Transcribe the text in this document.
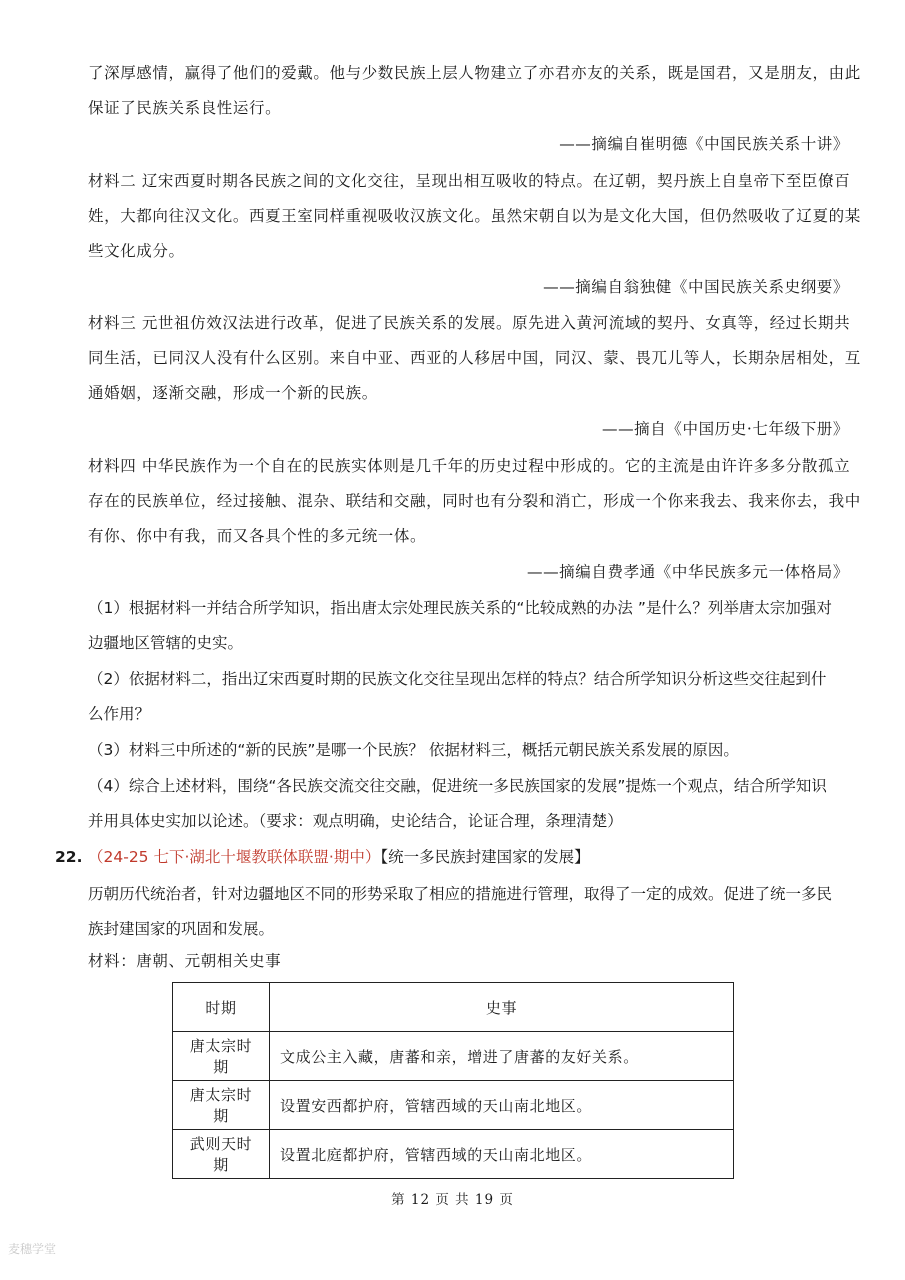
了深厚感情，赢得了他们的爱戴。他与少数民族上层人物建立了亦君亦友的关系，既是国君，又是朋友，由此
保证了民族关系良性运行。
——摘编自崔明德《中国民族关系十讲》
材料二 辽宋西夏时期各民族之间的文化交往，呈现出相互吸收的特点。在辽朝，契丹族上自皇帝下至臣僚百
姓，大都向往汉文化。西夏王室同样重视吸收汉族文化。虽然宋朝自以为是文化大国，但仍然吸收了辽夏的某
些文化成分。
——摘编自翁独健《中国民族关系史纲要》
材料三 元世祖仿效汉法进行改革，促进了民族关系的发展。原先进入黄河流域的契丹、女真等，经过长期共
同生活，已同汉人没有什么区别。来自中亚、西亚的人移居中国，同汉、蒙、畏兀儿等人，长期杂居相处，互
通婚姻，逐渐交融，形成一个新的民族。
——摘自《中国历史·七年级下册》
材料四 中华民族作为一个自在的民族实体则是几千年的历史过程中形成的。它的主流是由许许多多分散孤立
存在的民族单位，经过接触、混杂、联结和交融，同时也有分裂和消亡，形成一个你来我去、我来你去，我中
有你、你中有我，而又各具个性的多元统一体。
——摘编自费孝通《中华民族多元一体格局》
（1）根据材料一并结合所学知识，指出唐太宗处理民族关系的“比较成熟的办法 ”是什么？列举唐太宗加强对
边疆地区管辖的史实。
（2）依据材料二，指出辽宋西夏时期的民族文化交往呈现出怎样的特点？结合所学知识分析这些交往起到什
么作用？
（3）材料三中所述的“新的民族”是哪一个民族？ 依据材料三，概括元朝民族关系发展的原因。
（4）综合上述材料，围绕“各民族交流交往交融，促进统一多民族国家的发展”提炼一个观点，结合所学知识
并用具体史实加以论述。（要求：观点明确，史论结合，论证合理，条理清楚）
22. （24-25 七下·湖北十堰教联体联盟·期中）【统一多民族封建国家的发展】
历朝历代统治者，针对边疆地区不同的形势采取了相应的措施进行管理，取得了一定的成效。促进了统一多民
族封建国家的巩固和发展。
材料：唐朝、元朝相关史事
时期	史事
唐太宗时期	文成公主入藏，唐蕃和亲，增进了唐蕃的友好关系。
唐太宗时期	设置安西都护府，管辖西域的天山南北地区。
武则天时期	设置北庭都护府，管辖西域的天山南北地区。
第 12 页 共 19 页
麦穗学堂
